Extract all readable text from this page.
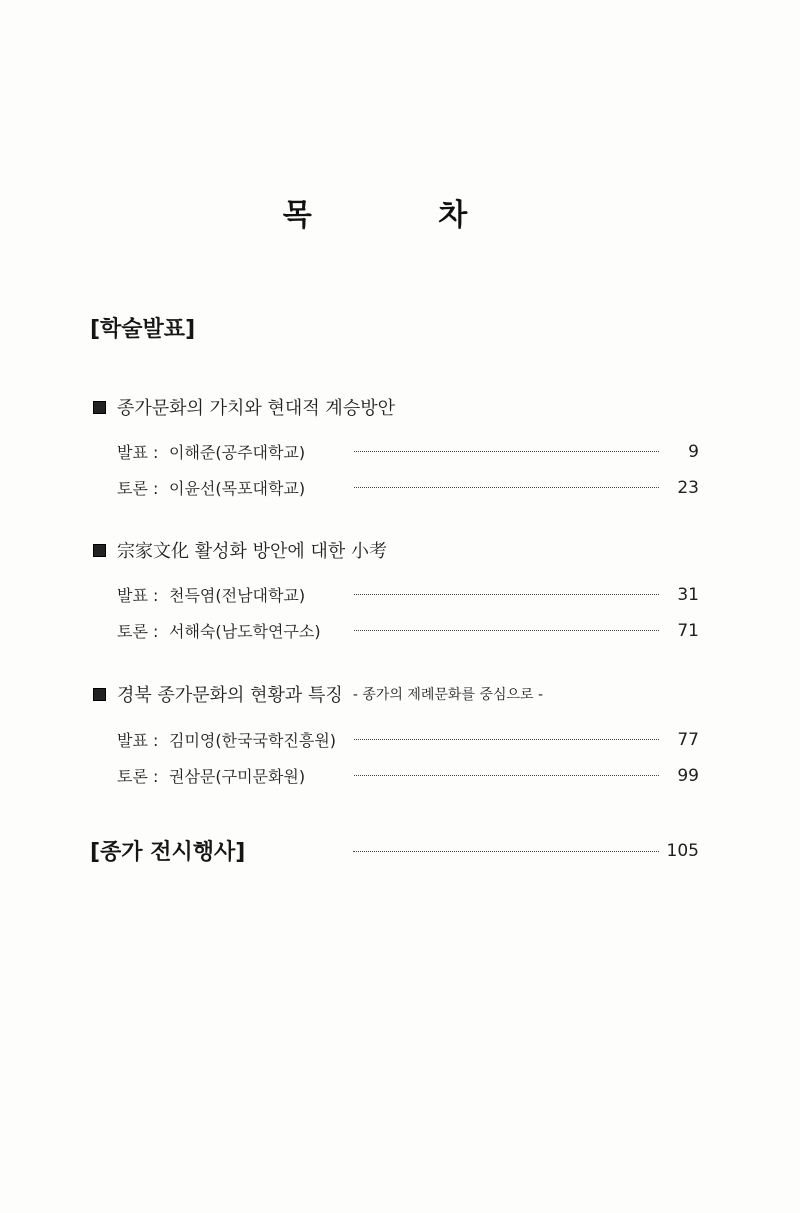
목 차
[학술발표]
종가문화의 가치와 현대적 계승방안
발표 : 이해준(공주대학교)	9
토론 : 이윤선(목포대학교)	23
宗家文化 활성화 방안에 대한 小考
발표 : 천득염(전남대학교)	31
토론 : 서해숙(남도학연구소)	71
경북 종가문화의 현황과 특징 - 종가의 제례문화를 중심으로 -
발표 : 김미영(한국국학진흥원)	77
토론 : 권삼문(구미문화원)	99
[종가 전시행사]	105
